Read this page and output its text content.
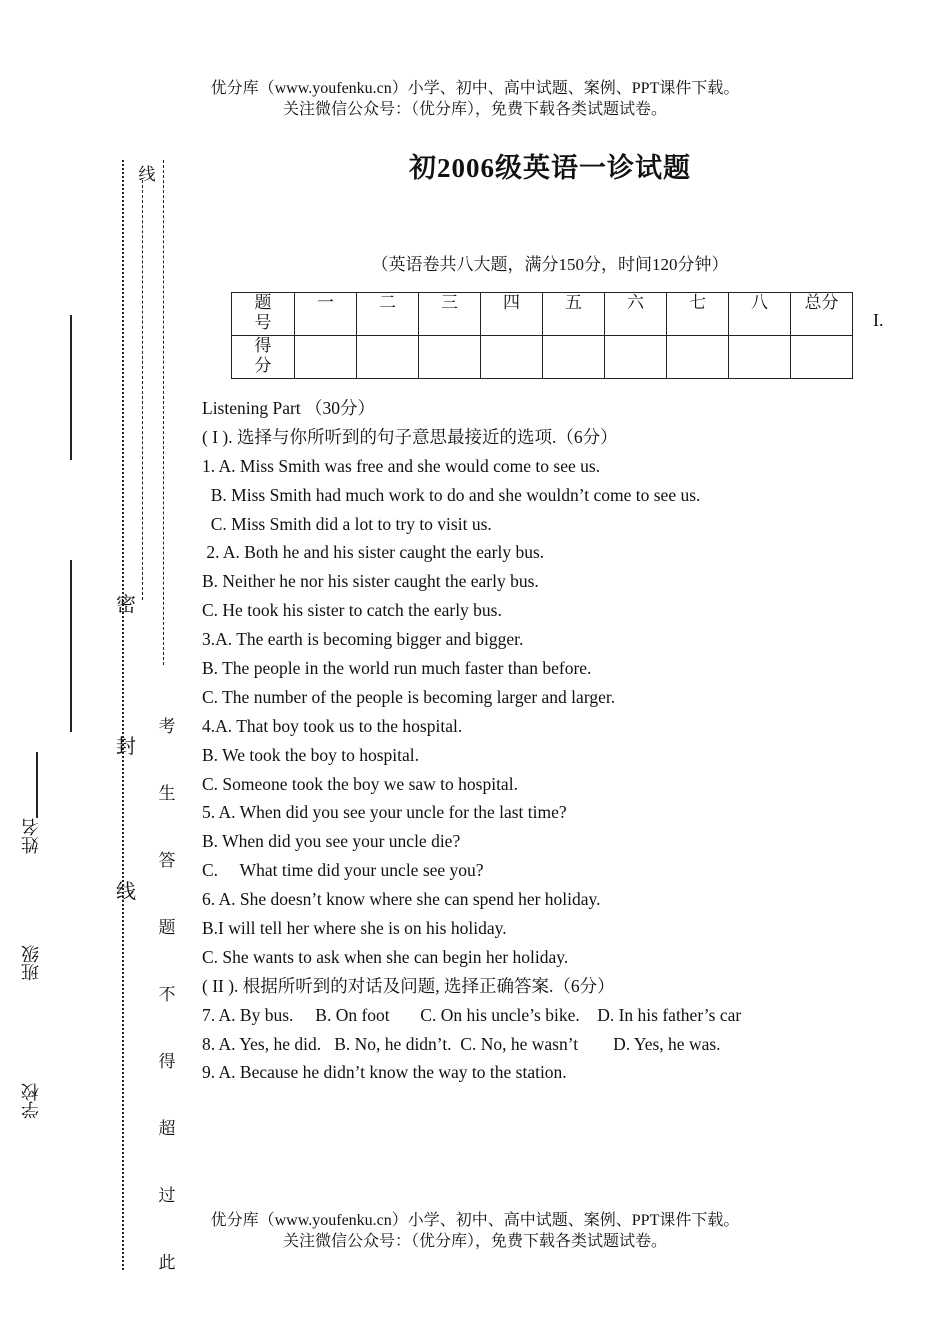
优分库（www.youfenku.cn）小学、初中、高中试题、案例、PPT课件下载。
关注微信公众号：（优分库），免费下载各类试题试卷。
初2006级英语一诊试题
（英语卷共八大题，满分150分，时间120分钟）
题号	一	二	三	四	五	六	七	八	总分
得分									
I.
Listening Part （30分）
( I ). 选择与你所听到的句子意思最接近的选项.（6分）
1. A. Miss Smith was free and she would come to see us.
B. Miss Smith had much work to do and she wouldn’t come to see us.
C. Miss Smith did a lot to try to visit us.
2. A. Both he and his sister caught the early bus.
B. Neither he nor his sister caught the early bus.
C. He took his sister to catch the early bus.
3.A. The earth is becoming bigger and bigger.
B. The people in the world run much faster than before.
C. The number of the people is becoming larger and larger.
4.A. That boy took us to the hospital.
B. We took the boy to hospital.
C. Someone took the boy we saw to hospital.
5. A. When did you see your uncle for the last time?
B. When did you see your uncle die?
C.     What time did your uncle see you?
6. A. She doesn’t know where she can spend her holiday.
B.I will tell her where she is on his holiday.
C. She wants to ask when she can begin her holiday.
( II ). 根据所听到的对话及问题, 选择正确答案.（6分）
7. A. By bus.     B. On foot       C. On his uncle’s bike.    D. In his father’s car
8. A. Yes, he did.   B. No, he didn’t.  C. No, he wasn’t        D. Yes, he was.
9. A. Because he didn’t know the way to the station.
线
密
封
线
考
生
答
题
不
得
超
过
此
姓名
班级
学校
优分库（www.youfenku.cn）小学、初中、高中试题、案例、PPT课件下载。
关注微信公众号：（优分库），免费下载各类试题试卷。
